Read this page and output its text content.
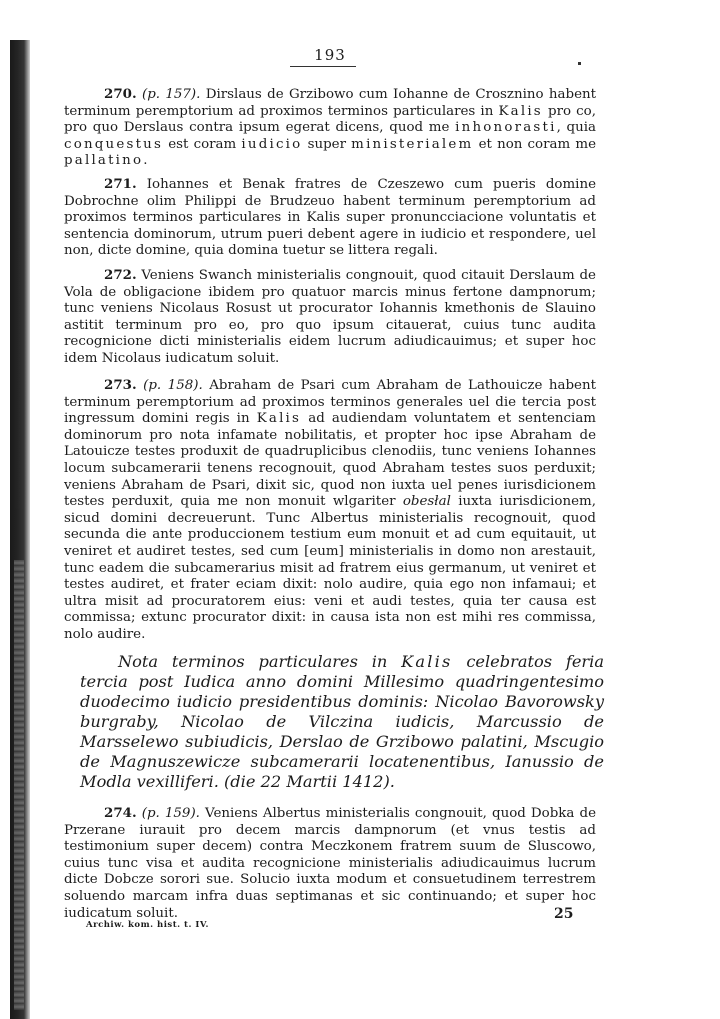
193

270. (p. 157). Dirslaus de Grzibowo cum Iohanne de Crosznino habent terminum peremptorium ad proximos terminos particulares in Kalis pro co, pro quo Derslaus contra ipsum egerat dicens, quod me inhonorasti, quia conquestus est coram iudicio super ministerialem et non coram me pallatino.

271. Iohannes et Benak fratres de Czeszewo cum pueris domine Dobrochne olim Philippi de Brudzeuo habent terminum peremptorium ad proximos terminos particulares in Kalis super pronuncciacione voluntatis et sentencia dominorum, utrum pueri debent agere in iudicio et respondere, uel non, dicte domine, quia domina tuetur se littera regali.

272. Veniens Swanch ministerialis congnouit, quod citauit Derslaum de Vola de obligacione ibidem pro quatuor marcis minus fertone dampnorum; tunc veniens Nicolaus Rosust ut procurator Iohannis kmethonis de Slauino astitit terminum pro eo, pro quo ipsum citauerat, cuius tunc audita recognicione dicti ministerialis eidem lucrum adiudicauimus; et super hoc idem Nicolaus iudicatum soluit.

273. (p. 158). Abraham de Psari cum Abraham de Lathouicze habent terminum peremptorium ad proximos terminos generales uel die tercia post ingressum domini regis in Kalis ad audiendam voluntatem et sentenciam dominorum pro nota infamate nobilitatis, et propter hoc ipse Abraham de Latouicze testes produxit de quadruplicibus clenodiis, tunc veniens Iohannes locum subcamerarii tenens recognouit, quod Abraham testes suos perduxit; veniens Abraham de Psari, dixit sic, quod non iuxta uel penes iurisdicionem testes perduxit, quia me non monuit wlgariter obesłal iuxta iurisdicionem, sicud domini decreuerunt. Tunc Albertus ministerialis recognouit, quod secunda die ante produccionem testium eum monuit et ad cum equitauit, ut veniret et audiret testes, sed cum [eum] ministerialis in domo non arestauit, tunc eadem die subcamerarius misit ad fratrem eius germanum, ut veniret et testes audiret, et frater eciam dixit: nolo audire, quia ego non infamaui; et ultra misit ad procuratorem eius: veni et audi testes, quia ter causa est commissa; extunc procurator dixit: in causa ista non est mihi res commissa, nolo audire.

Nota terminos particulares in Kalis celebratos feria tercia post Iudica anno domini Millesimo quadringentesimo duodecimo iudicio presidentibus dominis: Nicolao Bavorowsky burgraby, Nicolao de Vilczina iudicis, Marcussio de Marsselewo subiudicis, Derslao de Grzibowo palatini, Mscugio de Magnuszewicze subcamerarii locatenentibus, Ianussio de Modla vexilliferi. (die 22 Martii 1412).

274. (p. 159). Veniens Albertus ministerialis congnouit, quod Dobka de Przerane iurauit pro decem marcis dampnorum (et vnus testis ad testimonium super decem) contra Meczkonem fratrem suum de Sluscowo, cuius tunc visa et audita recognicione ministerialis adiudicauimus lucrum dicte Dobcze sorori sue. Solucio iuxta modum et consuetudinem terrestrem soluendo marcam infra duas septimanas et sic continuando; et super hoc iudicatum soluit.

Archiw. kom. hist. t. IV.
25
